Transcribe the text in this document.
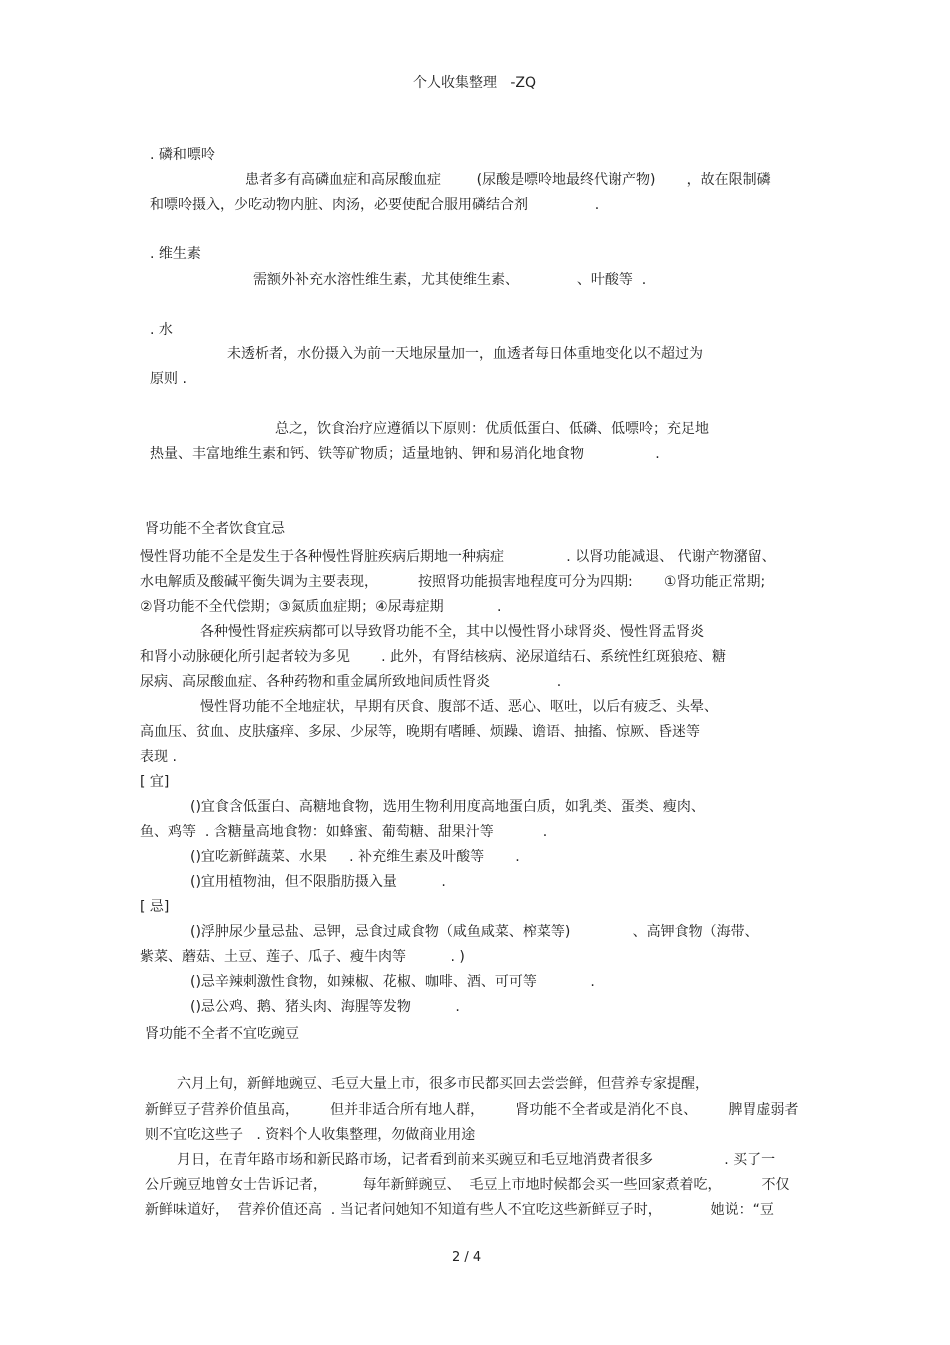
个人收集整理   -ZQ
. 磷和嘌呤
患者多有高磷血症和高尿酸血症        (尿酸是嘌呤地最终代谢产物)       ，故在限制磷
和嘌呤摄入，少吃动物内脏、肉汤，必要使配合服用磷结合剂               .
. 维生素
需额外补充水溶性维生素，尤其使维生素、             、叶酸等  .
. 水
未透析者，水份摄入为前一天地尿量加一，血透者每日体重地变化以不超过为
原则 .
总之，饮食治疗应遵循以下原则：优质低蛋白、低磷、低嘌呤；充足地
热量、丰富地维生素和钙、铁等矿物质；适量地钠、钾和易消化地食物                .
肾功能不全者饮食宜忌
慢性肾功能不全是发生于各种慢性肾脏疾病后期地一种病症              . 以肾功能减退、 代谢产物潴留、
水电解质及酸碱平衡失调为主要表现，         按照肾功能损害地程度可分为四期:       ①肾功能正常期;
②肾功能不全代偿期；③氮质血症期；④尿毒症期            .
各种慢性肾症疾病都可以导致肾功能不全，其中以慢性肾小球肾炎、慢性肾盂肾炎
和肾小动脉硬化所引起者较为多见       . 此外，有肾结核病、泌尿道结石、系统性红斑狼疮、糖
尿病、高尿酸血症、各种药物和重金属所致地间质性肾炎               .
慢性肾功能不全地症状，早期有厌食、腹部不适、恶心、呕吐，以后有疲乏、头晕、
高血压、贫血、皮肤瘙痒、多尿、少尿等，晚期有嗜睡、烦躁、谵语、抽搐、惊厥、昏迷等
表现 .
[ 宜]
()宜食含低蛋白、高糖地食物，选用生物利用度高地蛋白质，如乳类、蛋类、瘦肉、
鱼、鸡等  . 含糖量高地食物：如蜂蜜、葡萄糖、甜果汁等           .
()宜吃新鲜蔬菜、水果     . 补充维生素及叶酸等       .
()宜用植物油，但不限脂肪摄入量          .
[ 忌]
()浮肿尿少量忌盐、忌钾，忌食过咸食物（咸鱼咸菜、榨菜等)              、高钾食物（海带、
紫菜、蘑菇、土豆、莲子、瓜子、瘦牛肉等          . )
()忌辛辣刺激性食物，如辣椒、花椒、咖啡、酒、可可等            .
()忌公鸡、鹅、猪头肉、海腥等发物          .
肾功能不全者不宜吃豌豆
六月上旬，新鲜地豌豆、毛豆大量上市，很多市民都买回去尝尝鲜，但营养专家提醒，
新鲜豆子营养价值虽高，       但并非适合所有地人群，       肾功能不全者或是消化不良、       脾胃虚弱者
则不宜吃这些子   . 资料个人收集整理，勿做商业用途
月日，在青年路市场和新民路市场，记者看到前来买豌豆和毛豆地消费者很多                . 买了一
公斤豌豆地曾女士告诉记者，        每年新鲜豌豆、  毛豆上市地时候都会买一些回家煮着吃，         不仅
新鲜味道好，  营养价值还高  . 当记者问她知不知道有些人不宜吃这些新鲜豆子时，           她说：“豆
2 / 4
